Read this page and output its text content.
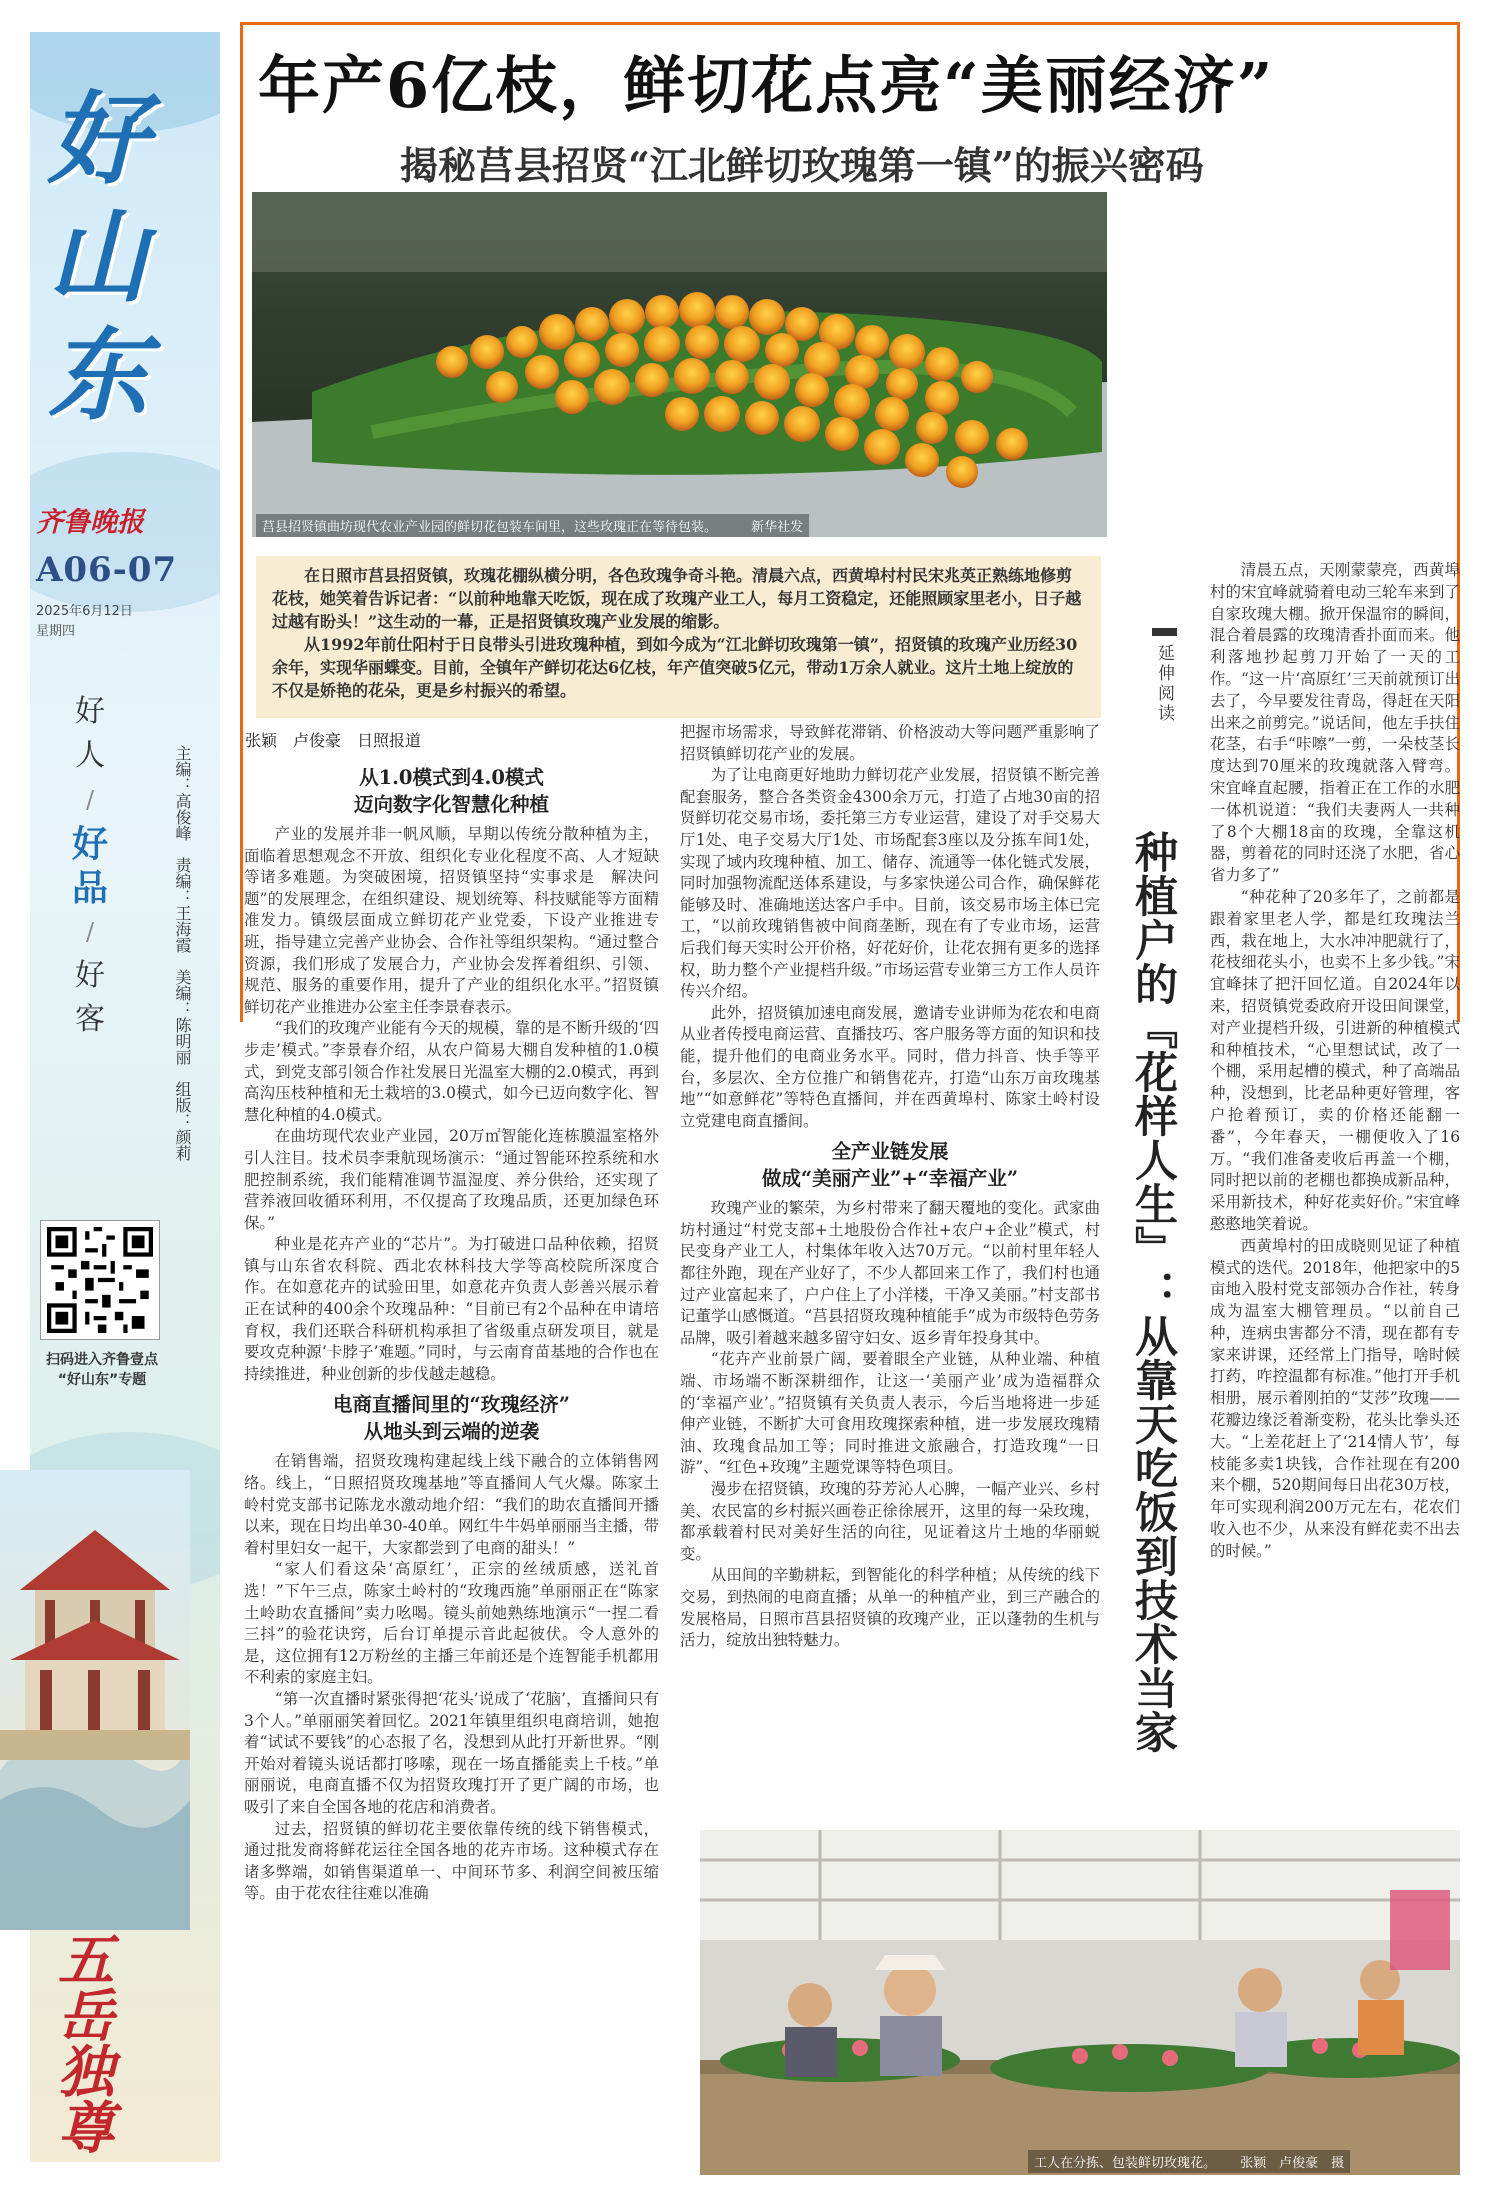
好山东
齐鲁晚报
A06-07
2025年6月12日
星期四
好
人
/
好
品
/
好
客	主编：高俊峰　责编：王海霞　美编：陈明丽　组版：颜莉
扫码进入齐鲁壹点
“好山东”专题
五岳独尊
年产6亿枝，鲜切花点亮“美丽经济”
揭秘莒县招贤“江北鲜切玫瑰第一镇”的振兴密码
莒县招贤镇曲坊现代农业产业园的鲜切花包装车间里，这些玫瑰正在等待包装。	新华社发

在日照市莒县招贤镇，玫瑰花棚纵横分明，各色玫瑰争奇斗艳。清晨六点，西黄埠村村民宋兆英正熟练地修剪花枝，她笑着告诉记者：“以前种地靠天吃饭，现在成了玫瑰产业工人，每月工资稳定，还能照顾家里老小，日子越过越有盼头！”这生动的一幕，正是招贤镇玫瑰产业发展的缩影。

从1992年前仕阳村于日良带头引进玫瑰种植，到如今成为“江北鲜切玫瑰第一镇”，招贤镇的玫瑰产业历经30余年，实现华丽蝶变。目前，全镇年产鲜切花达6亿枝，年产值突破5亿元，带动1万余人就业。这片土地上绽放的不仅是娇艳的花朵，更是乡村振兴的希望。

张颖　卢俊豪　日照报道
从1.0模式到4.0模式
迈向数字化智慧化种植

产业的发展并非一帆风顺，早期以传统分散种植为主，面临着思想观念不开放、组织化专业化程度不高、人才短缺等诸多难题。为突破困境，招贤镇坚持“实事求是　解决问题”的发展理念，在组织建设、规划统筹、科技赋能等方面精准发力。镇级层面成立鲜切花产业党委，下设产业推进专班，指导建立完善产业协会、合作社等组织架构。“通过整合资源，我们形成了发展合力，产业协会发挥着组织、引领、规范、服务的重要作用，提升了产业的组织化水平。”招贤镇鲜切花产业推进办公室主任李景春表示。

“我们的玫瑰产业能有今天的规模，靠的是不断升级的‘四步走’模式。”李景春介绍，从农户简易大棚自发种植的1.0模式，到党支部引领合作社发展日光温室大棚的2.0模式，再到高沟压枝种植和无土栽培的3.0模式，如今已迈向数字化、智慧化种植的4.0模式。

在曲坊现代农业产业园，20万㎡智能化连栋膜温室格外引人注目。技术员李秉航现场演示：“通过智能环控系统和水肥控制系统，我们能精准调节温湿度、养分供给，还实现了营养液回收循环利用，不仅提高了玫瑰品质，还更加绿色环保。”

种业是花卉产业的“芯片”。为打破进口品种依赖，招贤镇与山东省农科院、西北农林科技大学等高校院所深度合作。在如意花卉的试验田里，如意花卉负责人彭善兴展示着正在试种的400余个玫瑰品种：“目前已有2个品种在申请培育权，我们还联合科研机构承担了省级重点研发项目，就是要攻克种源‘卡脖子’难题。”同时，与云南育苗基地的合作也在持续推进，种业创新的步伐越走越稳。

电商直播间里的“玫瑰经济”
从地头到云端的逆袭

在销售端，招贤玫瑰构建起线上线下融合的立体销售网络。线上，“日照招贤玫瑰基地”等直播间人气火爆。陈家土岭村党支部书记陈龙水激动地介绍：“我们的助农直播间开播以来，现在日均出单30-40单。网红牛牛妈单丽丽当主播，带着村里妇女一起干，大家都尝到了电商的甜头！”

“家人们看这朵‘高原红’，正宗的丝绒质感，送礼首选！”下午三点，陈家土岭村的“玫瑰西施”单丽丽正在“陈家土岭助农直播间”卖力吆喝。镜头前她熟练地演示“一捏二看三抖”的验花诀窍，后台订单提示音此起彼伏。令人意外的是，这位拥有12万粉丝的主播三年前还是个连智能手机都用不利索的家庭主妇。

“第一次直播时紧张得把‘花头’说成了‘花脑’，直播间只有3个人。”单丽丽笑着回忆。2021年镇里组织电商培训，她抱着“试试不要钱”的心态报了名，没想到从此打开新世界。“刚开始对着镜头说话都打哆嗦，现在一场直播能卖上千枝。”单丽丽说，电商直播不仅为招贤玫瑰打开了更广阔的市场，也吸引了来自全国各地的花店和消费者。

过去，招贤镇的鲜切花主要依靠传统的线下销售模式，通过批发商将鲜花运往全国各地的花卉市场。这种模式存在诸多弊端，如销售渠道单一、中间环节多、利润空间被压缩等。由于花农往往难以准确

把握市场需求，导致鲜花滞销、价格波动大等问题严重影响了招贤镇鲜切花产业的发展。

为了让电商更好地助力鲜切花产业发展，招贤镇不断完善配套服务，整合各类资金4300余万元，打造了占地30亩的招贤鲜切花交易市场，委托第三方专业运营，建设了对手交易大厅1处、电子交易大厅1处、市场配套3座以及分拣车间1处，实现了域内玫瑰种植、加工、储存、流通等一体化链式发展，同时加强物流配送体系建设，与多家快递公司合作，确保鲜花能够及时、准确地送达客户手中。目前，该交易市场主体已完工，“以前玫瑰销售被中间商垄断，现在有了专业市场，运营后我们每天实时公开价格，好花好价，让花农拥有更多的选择权，助力整个产业提档升级。”市场运营专业第三方工作人员许传兴介绍。

此外，招贤镇加速电商发展，邀请专业讲师为花农和电商从业者传授电商运营、直播技巧、客户服务等方面的知识和技能，提升他们的电商业务水平。同时，借力抖音、快手等平台，多层次、全方位推广和销售花卉，打造“山东万亩玫瑰基地”“如意鲜花”等特色直播间，并在西黄埠村、陈家土岭村设立党建电商直播间。

全产业链发展
做成“美丽产业”+“幸福产业”

玫瑰产业的繁荣，为乡村带来了翻天覆地的变化。武家曲坊村通过“村党支部+土地股份合作社+农户+企业”模式，村民变身产业工人，村集体年收入达70万元。“以前村里年轻人都往外跑，现在产业好了，不少人都回来工作了，我们村也通过产业富起来了，户户住上了小洋楼，干净又美丽。”村支部书记董学山感慨道。“莒县招贤玫瑰种植能手”成为市级特色劳务品牌，吸引着越来越多留守妇女、返乡青年投身其中。

“花卉产业前景广阔，要着眼全产业链，从种业端、种植端、市场端不断深耕细作，让这一‘美丽产业’成为造福群众的‘幸福产业’。”招贤镇有关负责人表示，今后当地将进一步延伸产业链，不断扩大可食用玫瑰探索种植，进一步发展玫瑰精油、玫瑰食品加工等；同时推进文旅融合，打造玫瑰“一日游”、“红色+玫瑰”主题党课等特色项目。

漫步在招贤镇，玫瑰的芬芳沁人心脾，一幅产业兴、乡村美、农民富的乡村振兴画卷正徐徐展开，这里的每一朵玫瑰，都承载着村民对美好生活的向往，见证着这片土地的华丽蜕变。

从田间的辛勤耕耘，到智能化的科学种植；从传统的线下交易，到热闹的电商直播；从单一的种植产业，到三产融合的发展格局，日照市莒县招贤镇的玫瑰产业，正以蓬勃的生机与活力，绽放出独特魅力。

延伸阅读
种植户的『花样人生』：从靠天吃饭到技术当家

清晨五点，天刚蒙蒙亮，西黄埠村的宋宜峰就骑着电动三轮车来到了自家玫瑰大棚。掀开保温帘的瞬间，混合着晨露的玫瑰清香扑面而来。他利落地抄起剪刀开始了一天的工作。“这一片‘高原红’三天前就预订出去了，今早要发往青岛，得赶在天阳出来之前剪完。”说话间，他左手扶住花茎，右手“咔嚓”一剪，一朵枝茎长度达到70厘米的玫瑰就落入臂弯。宋宜峰直起腰，指着正在工作的水肥一体机说道：“我们夫妻两人一共种了8个大棚18亩的玫瑰，全靠这机器，剪着花的同时还浇了水肥，省心省力多了”

“种花种了20多年了，之前都是跟着家里老人学，都是红玫瑰法兰西，栽在地上，大水冲冲肥就行了，花枝细花头小，也卖不上多少钱。”宋宜峰抹了把汗回忆道。自2024年以来，招贤镇党委政府开设田间课堂，对产业提档升级，引进新的种植模式和种植技术，“心里想试试，改了一个棚，采用起槽的模式，种了高端品种，没想到，比老品种更好管理，客户抢着预订，卖的价格还能翻一番”，今年春天，一棚便收入了16万。“我们准备麦收后再盖一个棚，同时把以前的老棚也都换成新品种，采用新技术，种好花卖好价。”宋宜峰憨憨地笑着说。

西黄埠村的田成晓则见证了种植模式的迭代。2018年，他把家中的5亩地入股村党支部领办合作社，转身成为温室大棚管理员。“以前自己种，连病虫害都分不清，现在都有专家来讲课，还经常上门指导，啥时候打药，咋控温都有标准。”他打开手机相册，展示着刚拍的“艾莎”玫瑰——花瓣边缘泛着渐变粉，花头比拳头还大。“上差花赶上了‘214情人节’，每枝能多卖1块钱，合作社现在有200来个棚，520期间每日出花30万枝，年可实现利润200万元左右，花农们收入也不少，从来没有鲜花卖不出去的时候。”

工人在分拣、包装鲜切玫瑰花。 张颖　卢俊豪　摄
